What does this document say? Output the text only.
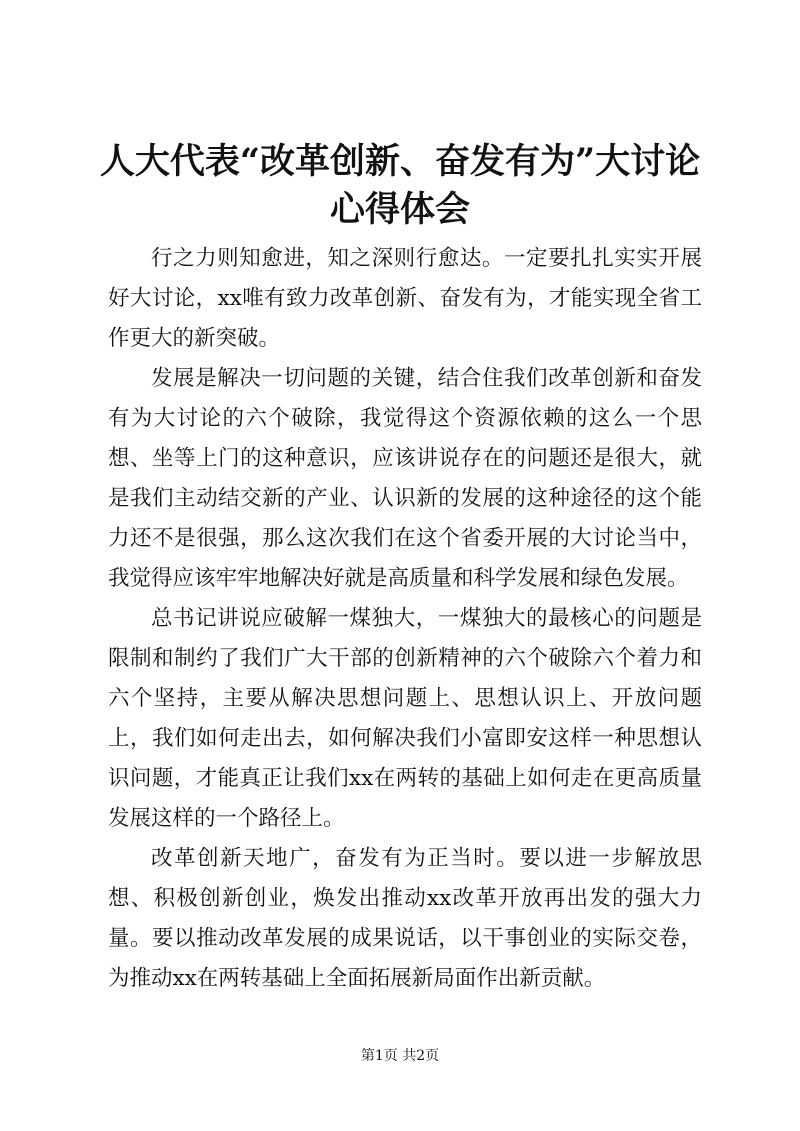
人大代表“改革创新、奋发有为”大讨论心得体会

行之力则知愈进，知之深则行愈达。一定要扎扎实实开展好大讨论，xx唯有致力改革创新、奋发有为，才能实现全省工作更大的新突破。

发展是解决一切问题的关键，结合住我们改革创新和奋发有为大讨论的六个破除，我觉得这个资源依赖的这么一个思想、坐等上门的这种意识，应该讲说存在的问题还是很大，就是我们主动结交新的产业、认识新的发展的这种途径的这个能力还不是很强，那么这次我们在这个省委开展的大讨论当中，我觉得应该牢牢地解决好就是高质量和科学发展和绿色发展。

总书记讲说应破解一煤独大，一煤独大的最核心的问题是限制和制约了我们广大干部的创新精神的六个破除六个着力和六个坚持，主要从解决思想问题上、思想认识上、开放问题上，我们如何走出去，如何解决我们小富即安这样一种思想认识问题，才能真正让我们xx在两转的基础上如何走在更高质量发展这样的一个路径上。

改革创新天地广，奋发有为正当时。要以进一步解放思想、积极创新创业，焕发出推动xx改革开放再出发的强大力量。要以推动改革发展的成果说话，以干事创业的实际交卷，为推动xx在两转基础上全面拓展新局面作出新贡献。

第1页 共2页
